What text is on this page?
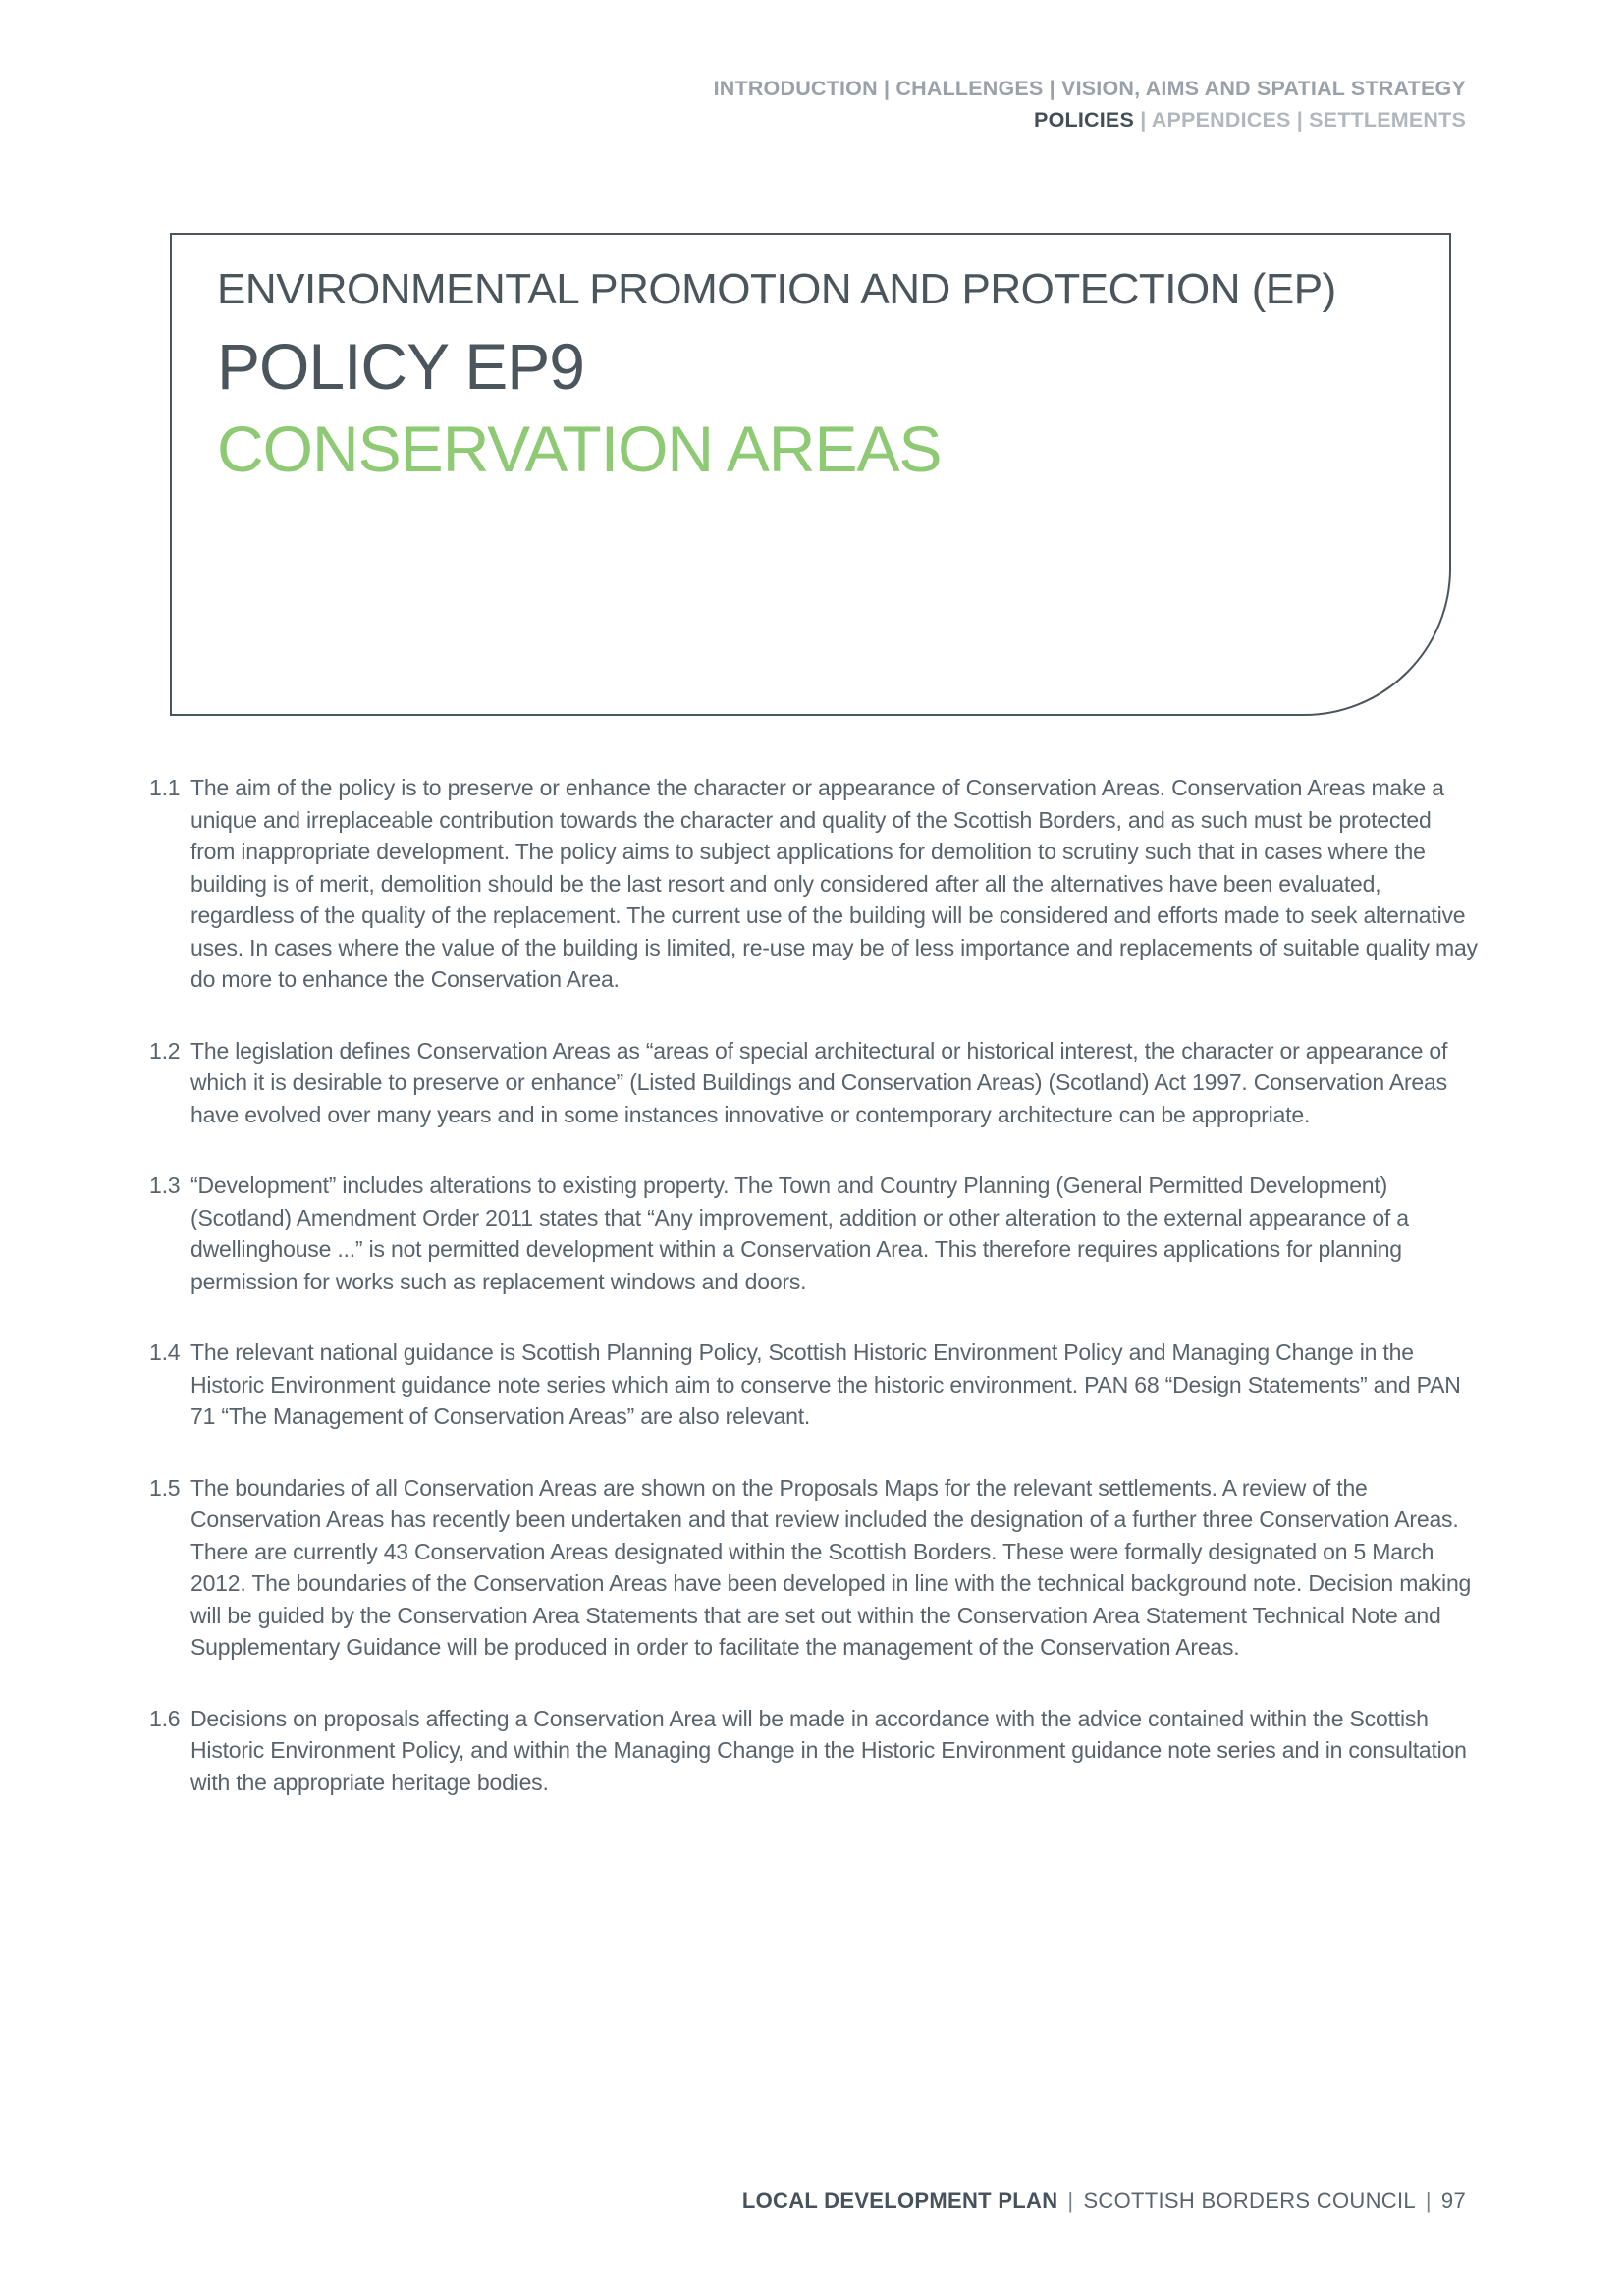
INTRODUCTION | CHALLENGES | VISION, AIMS AND SPATIAL STRATEGY
POLICIES | APPENDICES | SETTLEMENTS
ENVIRONMENTAL PROMOTION AND PROTECTION (EP)
POLICY EP9
CONSERVATION AREAS
1.1 The aim of the policy is to preserve or enhance the character or appearance of Conservation Areas. Conservation Areas make a unique and irreplaceable contribution towards the character and quality of the Scottish Borders, and as such must be protected from inappropriate development. The policy aims to subject applications for demolition to scrutiny such that in cases where the building is of merit, demolition should be the last resort and only considered after all the alternatives have been evaluated, regardless of the quality of the replacement. The current use of the building will be considered and efforts made to seek alternative uses. In cases where the value of the building is limited, re-use may be of less importance and replacements of suitable quality may do more to enhance the Conservation Area.
1.2 The legislation defines Conservation Areas as “areas of special architectural or historical interest, the character or appearance of which it is desirable to preserve or enhance” (Listed Buildings and Conservation Areas) (Scotland) Act 1997. Conservation Areas have evolved over many years and in some instances innovative or contemporary architecture can be appropriate.
1.3 “Development” includes alterations to existing property. The Town and Country Planning (General Permitted Development) (Scotland) Amendment Order 2011 states that “Any improvement, addition or other alteration to the external appearance of a dwellinghouse ...” is not permitted development within a Conservation Area. This therefore requires applications for planning permission for works such as replacement windows and doors.
1.4 The relevant national guidance is Scottish Planning Policy, Scottish Historic Environment Policy and Managing Change in the Historic Environment guidance note series which aim to conserve the historic environment. PAN 68 “Design Statements” and PAN 71 “The Management of Conservation Areas” are also relevant.
1.5 The boundaries of all Conservation Areas are shown on the Proposals Maps for the relevant settlements. A review of the Conservation Areas has recently been undertaken and that review included the designation of a further three Conservation Areas. There are currently 43 Conservation Areas designated within the Scottish Borders. These were formally designated on 5 March 2012. The boundaries of the Conservation Areas have been developed in line with the technical background note. Decision making will be guided by the Conservation Area Statements that are set out within the Conservation Area Statement Technical Note and Supplementary Guidance will be produced in order to facilitate the management of the Conservation Areas.
1.6 Decisions on proposals affecting a Conservation Area will be made in accordance with the advice contained within the Scottish Historic Environment Policy, and within the Managing Change in the Historic Environment guidance note series and in consultation with the appropriate heritage bodies.
LOCAL DEVELOPMENT PLAN | SCOTTISH BORDERS COUNCIL | 97
